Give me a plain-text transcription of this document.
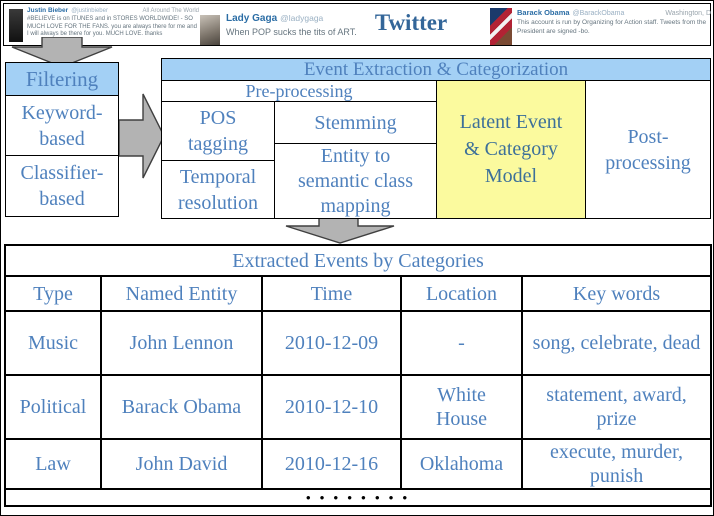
Justin Bieber @justinbieber	All Around The World
#BELIEVE is on ITUNES and in STORES WORLDWIDE! - SO MUCH LOVE FOR THE FANS. you are always there for me and I will always be there for you. MUCH LOVE. thanks
Lady Gaga @ladygaga
When POP sucks the tits of ART. Twitter	Barack Obama @BarackObama	Washington, D
This account is run by Organizing for Action staff. Tweets from the President are signed -bo.
Filtering
Keyword-based
Classifier-based
Event Extraction & Categorization
Pre-processing
POS tagging
Stemming
Temporal resolution
Entity to semantic class mapping
Latent Event & Category Model
Post-processing
Extracted Events by Categories				
Type	Named Entity	Time	Location	Key words
Music	John Lennon	2010-12-09	-	song, celebrate, dead
Political	Barack Obama	2010-12-10	White House	statement, award, prize
Law	John David	2010-12-16	Oklahoma	execute, murder, punish
• • • • • • • •				
